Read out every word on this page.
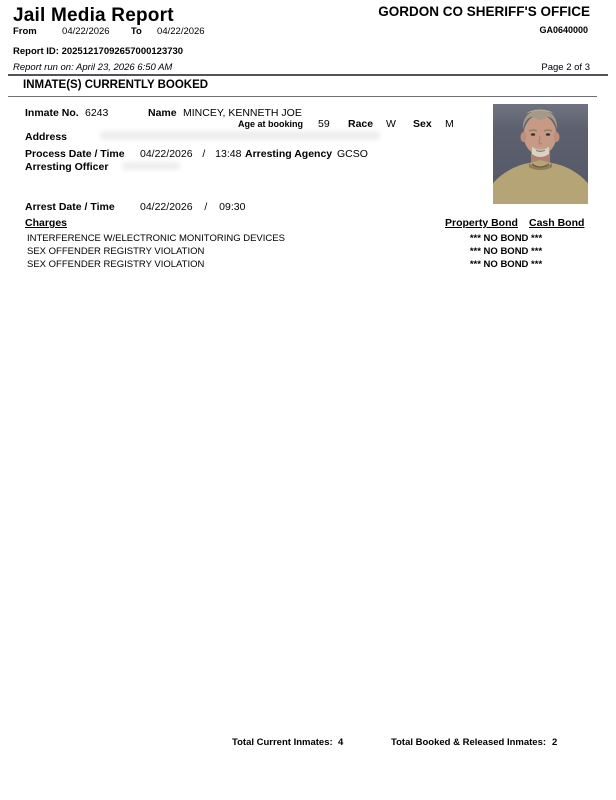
Jail Media Report
From	04/22/2026 To 04/22/2026
GORDON CO SHERIFF'S OFFICE
GA0640000
Report ID: 20251217092657000123730
Report run on: April 23, 2026 6:50 AM	Page 2 of 3
INMATE(S) CURRENTLY BOOKED
Inmate No. 6243	Name MINCEY, KENNETH JOE
Age at booking 59 Race W Sex M
Address
Process Date / Time 04/22/2026 / 13:48 Arresting Agency GCSO
Arresting Officer
Arrest Date / Time 04/22/2026 / 09:30
Charges	Property Bond Cash Bond
INTERFERENCE W/ELECTRONIC MONITORING DEVICES	*** NO BOND ***
SEX OFFENDER REGISTRY VIOLATION	*** NO BOND ***
SEX OFFENDER REGISTRY VIOLATION	*** NO BOND ***
Total Current Inmates: 4	Total Booked & Released Inmates: 2
